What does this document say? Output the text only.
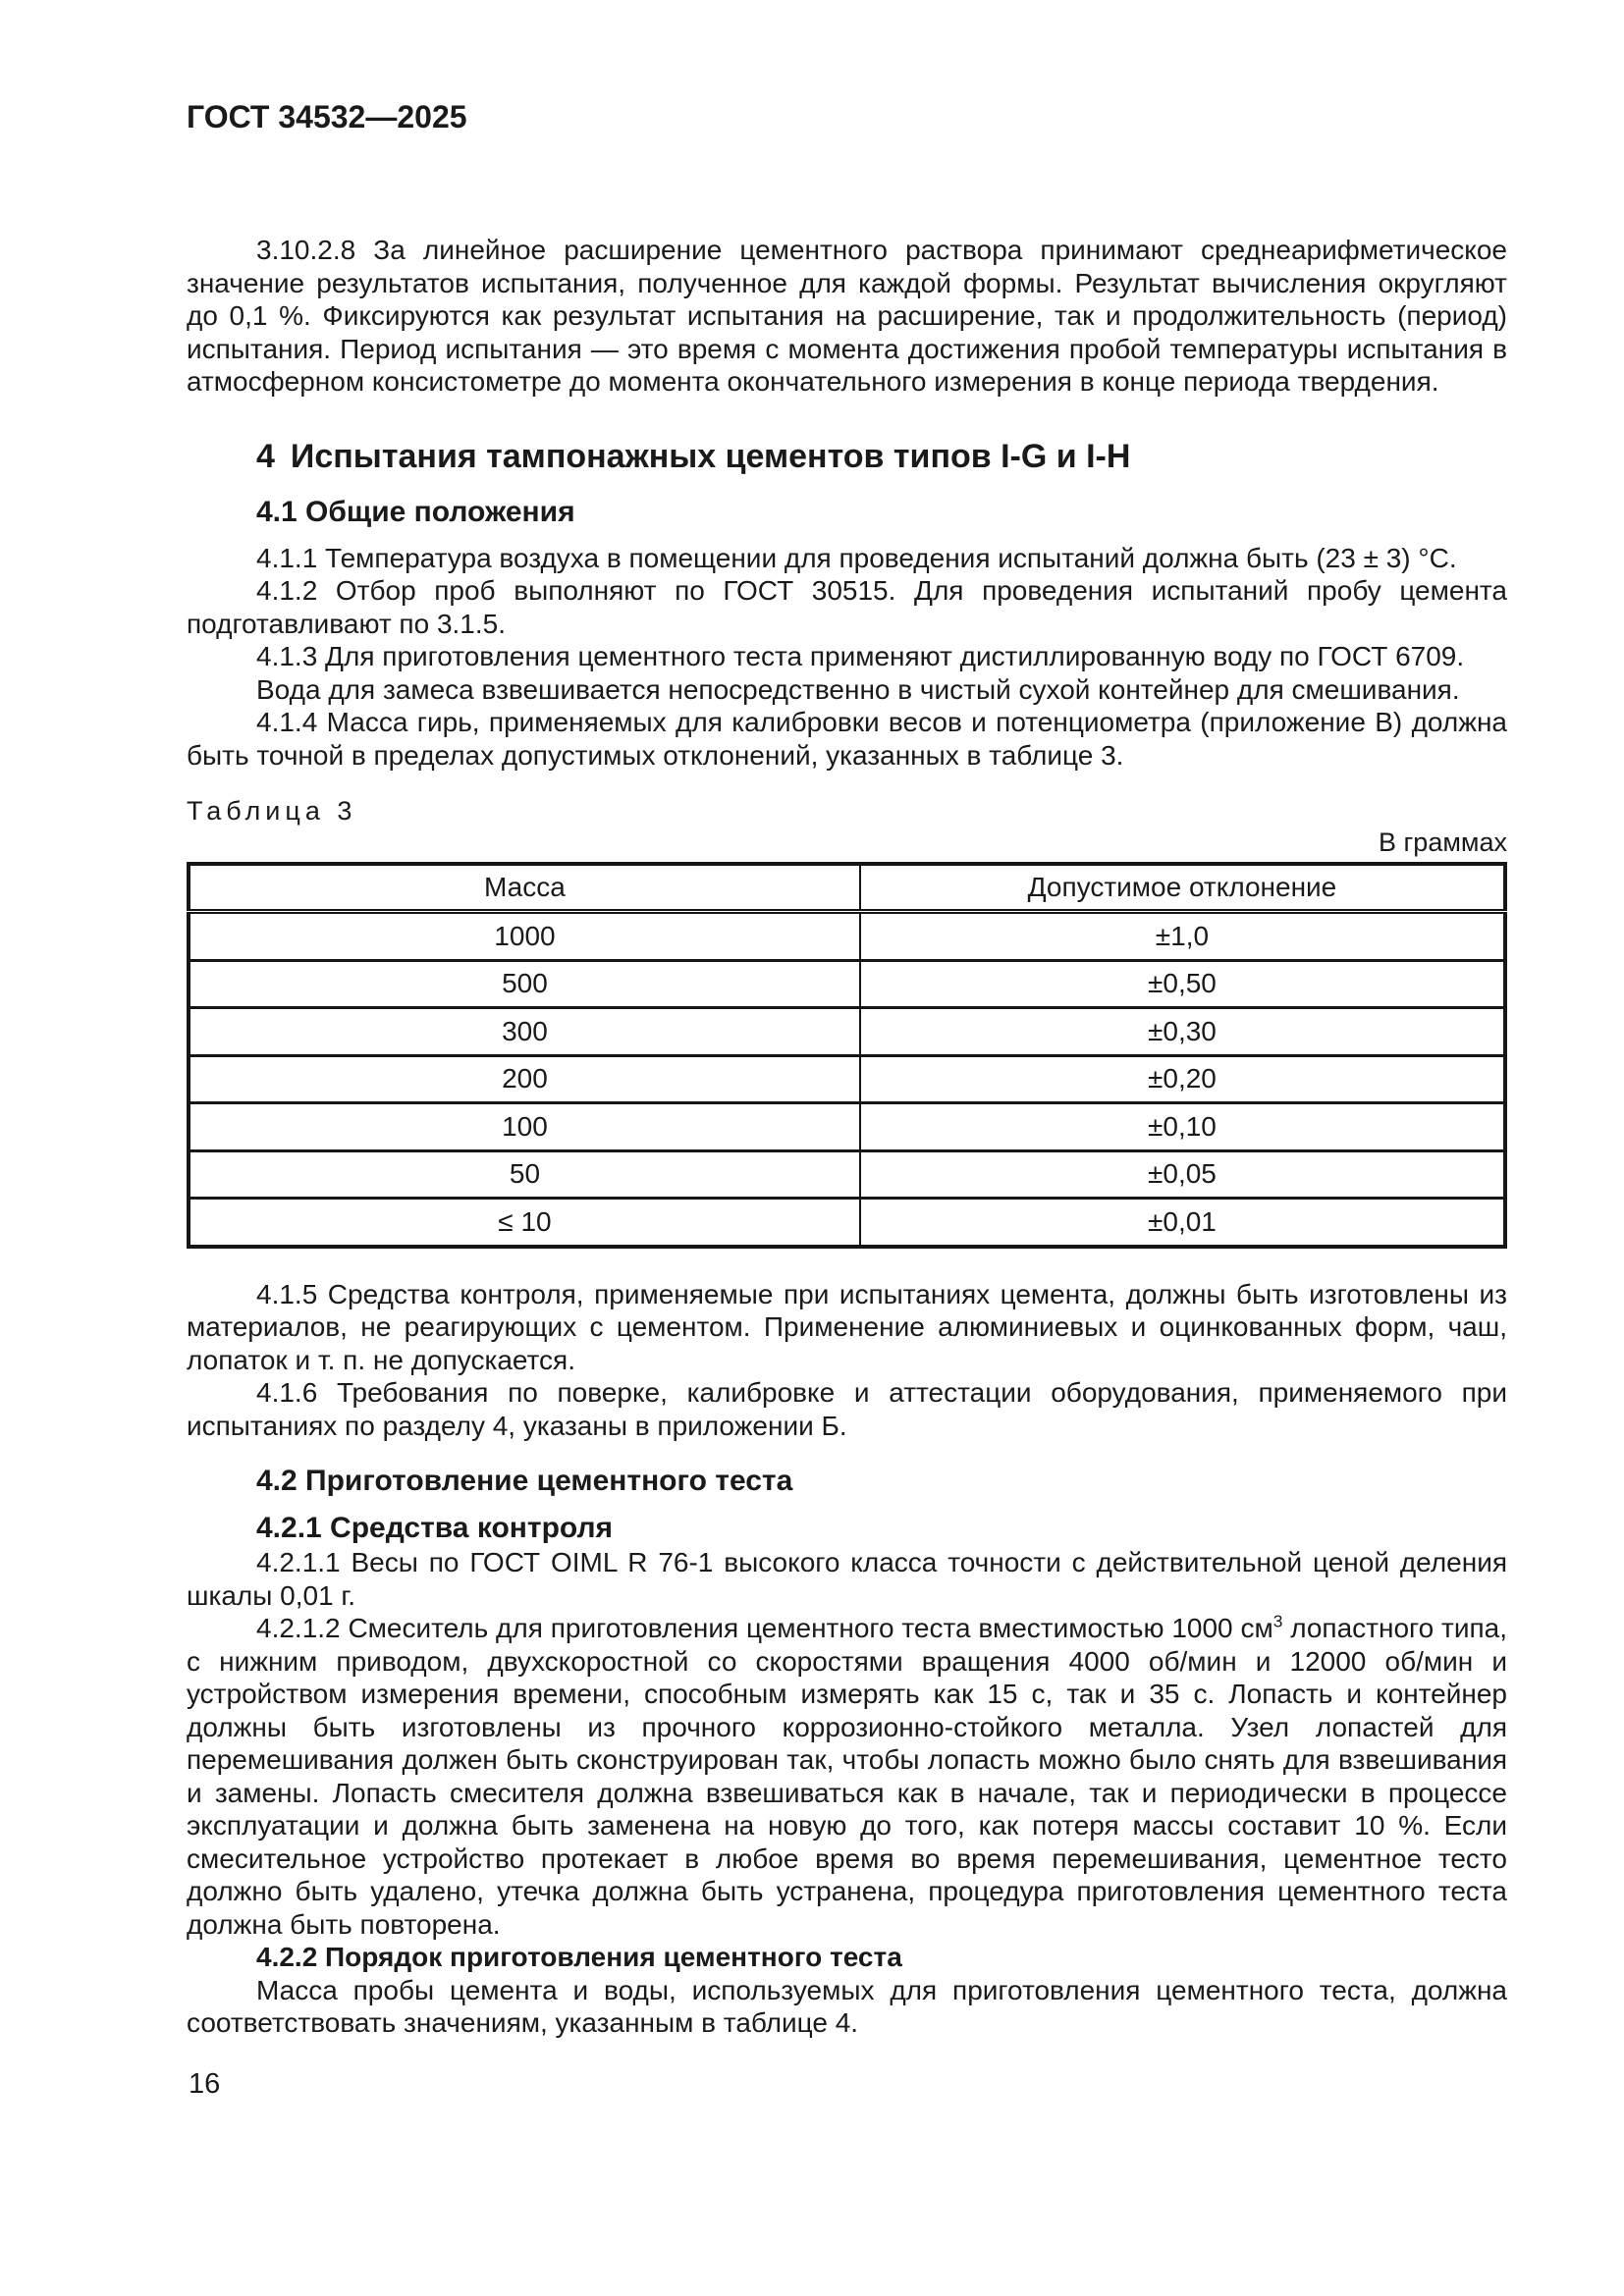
ГОСТ 34532—2025

3.10.2.8 За линейное расширение цементного раствора принимают среднеарифметическое значение результатов испытания, полученное для каждой формы. Результат вычисления округляют до 0,1 %. Фиксируются как результат испытания на расширение, так и продолжительность (период) испытания. Период испытания — это время с момента достижения пробой температуры испытания в атмосферном консистометре до момента окончательного измерения в конце периода твердения.

4 Испытания тампонажных цементов типов I-G и I-H
4.1 Общие положения

4.1.1 Температура воздуха в помещении для проведения испытаний должна быть (23 ± 3) °С.

4.1.2 Отбор проб выполняют по ГОСТ 30515. Для проведения испытаний пробу цемента подготавливают по 3.1.5.

4.1.3 Для приготовления цементного теста применяют дистиллированную воду по ГОСТ 6709.

Вода для замеса взвешивается непосредственно в чистый сухой контейнер для смешивания.

4.1.4 Масса гирь, применяемых для калибровки весов и потенциометра (приложение В) должна быть точной в пределах допустимых отклонений, указанных в таблице 3.

Таблица 3

В граммах

Масса	Допустимое отклонение
1000	±1,0
500	±0,50
300	±0,30
200	±0,20
100	±0,10
50	±0,05
≤ 10	±0,01

4.1.5 Средства контроля, применяемые при испытаниях цемента, должны быть изготовлены из материалов, не реагирующих с цементом. Применение алюминиевых и оцинкованных форм, чаш, лопаток и т. п. не допускается.

4.1.6 Требования по поверке, калибровке и аттестации оборудования, применяемого при испытаниях по разделу 4, указаны в приложении Б.

4.2 Приготовление цементного теста
4.2.1 Средства контроля

4.2.1.1 Весы по ГОСТ OIML R 76-1 высокого класса точности с действительной ценой деления шкалы 0,01 г.

4.2.1.2 Смеситель для приготовления цементного теста вместимостью 1000 $см^3$ лопастного типа, с нижним приводом, двухскоростной со скоростями вращения 4000 об/мин и 12000 об/мин и устройством измерения времени, способным измерять как 15 с, так и 35 с. Лопасть и контейнер должны быть изготовлены из прочного коррозионно-стойкого металла. Узел лопастей для перемешивания должен быть сконструирован так, чтобы лопасть можно было снять для взвешивания и замены. Лопасть смесителя должна взвешиваться как в начале, так и периодически в процессе эксплуатации и должна быть заменена на новую до того, как потеря массы составит 10 %. Если смесительное устройство протекает в любое время во время перемешивания, цементное тесто должно быть удалено, утечка должна быть устранена, процедура приготовления цементного теста должна быть повторена.

4.2.2 Порядок приготовления цементного теста

Масса пробы цемента и воды, используемых для приготовления цементного теста, должна соответствовать значениям, указанным в таблице 4.

16
